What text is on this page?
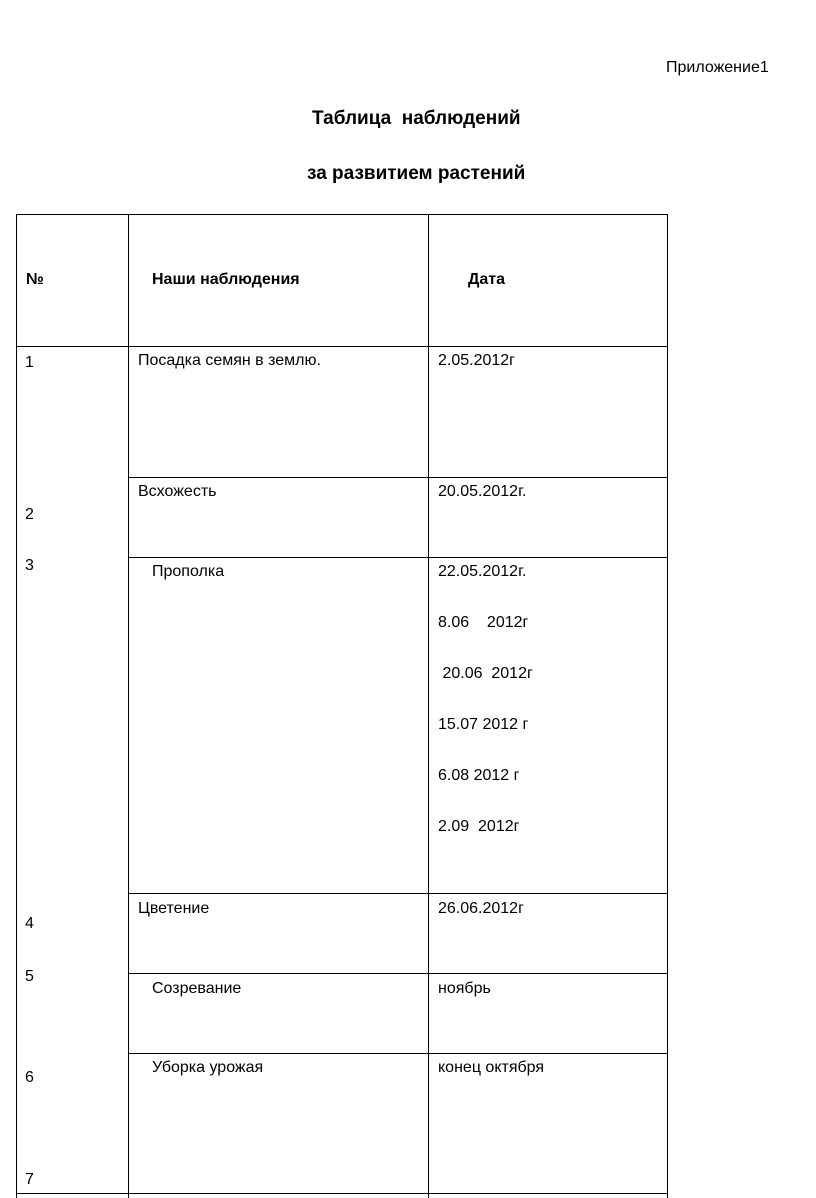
Приложение1
Таблица  наблюдений
за развитием растений
№	Наши наблюдения	Дата
1
2
3
4
5
6
7
Посадка семян в землю.
Всхожесть
Прополка
Цветение
Созревание
Уборка урожая
2.05.2012г
20.05.2012г.
22.05.2012г.
8.06    2012г
20.06  2012г
15.07 2012 г
6.08 2012 г
2.09  2012г
26.06.2012г
ноябрь
конец октября
